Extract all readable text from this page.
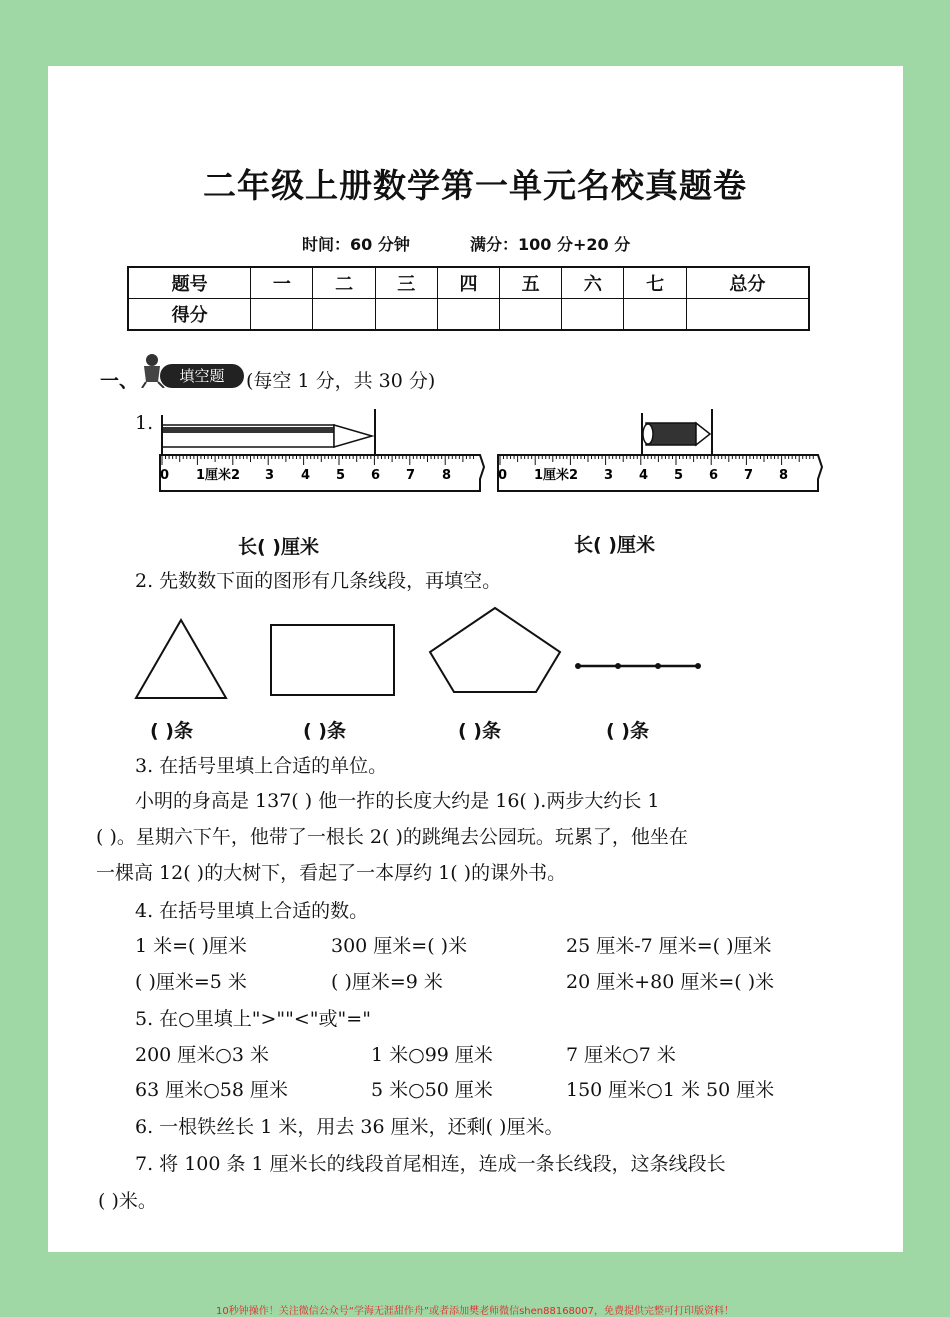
二年级上册数学第一单元名校真题卷
时间：60 分钟	满分：100 分+20 分
题号	一	二	三	四	五	六	七	总分
得分								
一、	填空题	(每空 1 分，共 30 分)
1.
0 1厘米2 3 4 5 6 7 8	0 1厘米2 3 4 5 6 7 8
长( )厘米	长( )厘米
2. 先数数下面的图形有几条线段，再填空。
( )条	( )条	( )条	( )条
3. 在括号里填上合适的单位。
小明的身高是 137( ) 他一拃的长度大约是 16( ).两步大约长 1
( )。星期六下午，他带了一根长 2( )的跳绳去公园玩。玩累了，他坐在
一棵高 12( )的大树下，看起了一本厚约 1( )的课外书。
4. 在括号里填上合适的数。
1 米=( )厘米	300 厘米=( )米	25 厘米-7 厘米=( )厘米
( )厘米=5 米	( )厘米=9 米	20 厘米+80 厘米=( )米
5. 在○里填上">""<"或"="
200 厘米○3 米	1 米○99 厘米	7 厘米○7 米
63 厘米○58 厘米	5 米○50 厘米	150 厘米○1 米 50 厘米
6. 一根铁丝长 1 米，用去 36 厘米，还剩( )厘米。
7. 将 100 条 1 厘米长的线段首尾相连，连成一条长线段，这条线段长
( )米。
10秒钟操作！关注微信公众号“学海无涯甜作舟”或者添加樊老师微信shen88168007，免费提供完整可打印版资料！
